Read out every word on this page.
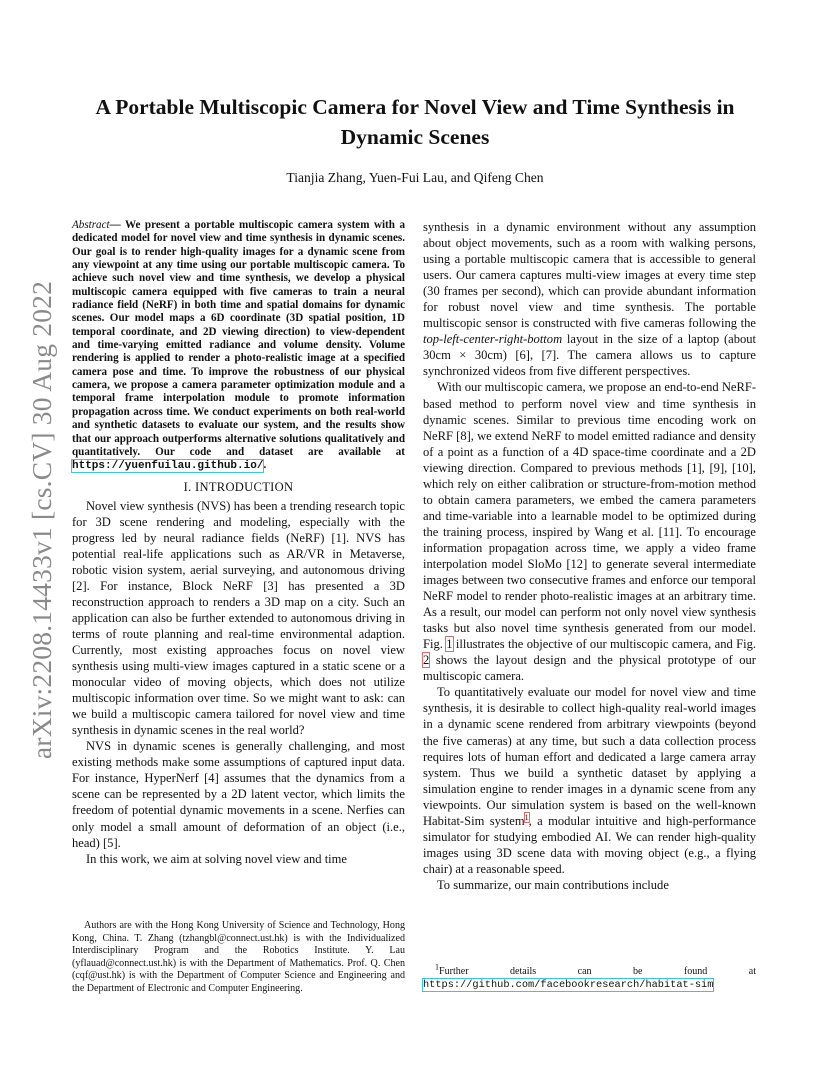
arXiv:2208.14433v1 [cs.CV] 30 Aug 2022
A Portable Multiscopic Camera for Novel View and Time Synthesis in Dynamic Scenes
Tianjia Zhang, Yuen-Fui Lau, and Qifeng Chen

Abstract— We present a portable multiscopic camera system with a dedicated model for novel view and time synthesis in dynamic scenes. Our goal is to render high-quality images for a dynamic scene from any viewpoint at any time using our portable multiscopic camera. To achieve such novel view and time synthesis, we develop a physical multiscopic camera equipped with five cameras to train a neural radiance field (NeRF) in both time and spatial domains for dynamic scenes. Our model maps a 6D coordinate (3D spatial position, 1D temporal coordinate, and 2D viewing direction) to view-dependent and time-varying emitted radiance and volume density. Volume rendering is applied to render a photo-realistic image at a specified camera pose and time. To improve the robustness of our physical camera, we propose a camera parameter optimization module and a temporal frame interpolation module to promote information propagation across time. We conduct experiments on both real-world and synthetic datasets to evaluate our system, and the results show that our approach outperforms alternative solutions qualitatively and quantitatively. Our code and dataset are available at https://yuenfuilau.github.io/.

I. INTRODUCTION

Novel view synthesis (NVS) has been a trending research topic for 3D scene rendering and modeling, especially with the progress led by neural radiance fields (NeRF) [1]. NVS has potential real-life applications such as AR/VR in Metaverse, robotic vision system, aerial surveying, and autonomous driving [2]. For instance, Block NeRF [3] has presented a 3D reconstruction approach to renders a 3D map on a city. Such an application can also be further extended to autonomous driving in terms of route planning and real-time environmental adaption. Currently, most existing approaches focus on novel view synthesis using multi-view images captured in a static scene or a monocular video of moving objects, which does not utilize multiscopic information over time. So we might want to ask: can we build a multiscopic camera tailored for novel view and time synthesis in dynamic scenes in the real world?

NVS in dynamic scenes is generally challenging, and most existing methods make some assumptions of captured input data. For instance, HyperNerf [4] assumes that the dynamics from a scene can be represented by a 2D latent vector, which limits the freedom of potential dynamic movements in a scene. Nerfies can only model a small amount of deformation of an object (i.e., head) [5].

In this work, we aim at solving novel view and time

Authors are with the Hong Kong University of Science and Technology, Hong Kong, China. T. Zhang (tzhangbl@connect.ust.hk) is with the Individualized Interdisciplinary Program and the Robotics Institute. Y. Lau (yflauad@connect.ust.hk) is with the Department of Mathematics. Prof. Q. Chen (cqf@ust.hk) is with the Department of Computer Science and Engineering and the Department of Electronic and Computer Engineering.

synthesis in a dynamic environment without any assumption about object movements, such as a room with walking persons, using a portable multiscopic camera that is accessible to general users. Our camera captures multi-view images at every time step (30 frames per second), which can provide abundant information for robust novel view and time synthesis. The portable multiscopic sensor is constructed with five cameras following the top-left-center-right-bottom layout in the size of a laptop (about 30cm × 30cm) [6], [7]. The camera allows us to capture synchronized videos from five different perspectives.

With our multiscopic camera, we propose an end-to-end NeRF-based method to perform novel view and time synthesis in dynamic scenes. Similar to previous time encoding work on NeRF [8], we extend NeRF to model emitted radiance and density of a point as a function of a 4D space-time coordinate and a 2D viewing direction. Compared to previous methods [1], [9], [10], which rely on either calibration or structure-from-motion method to obtain camera parameters, we embed the camera parameters and time-variable into a learnable model to be optimized during the training process, inspired by Wang et al. [11]. To encourage information propagation across time, we apply a video frame interpolation model SloMo [12] to generate several intermediate images between two consecutive frames and enforce our temporal NeRF model to render photo-realistic images at an arbitrary time. As a result, our model can perform not only novel view synthesis tasks but also novel time synthesis generated from our model. Fig. 1 illustrates the objective of our multiscopic camera, and Fig. 2 shows the layout design and the physical prototype of our multiscopic camera.

To quantitatively evaluate our model for novel view and time synthesis, it is desirable to collect high-quality real-world images in a dynamic scene rendered from arbitrary viewpoints (beyond the five cameras) at any time, but such a data collection process requires lots of human effort and dedicated a large camera array system. Thus we build a synthetic dataset by applying a simulation engine to render images in a dynamic scene from any viewpoints. Our simulation system is based on the well-known Habitat-Sim system$^1$, a modular intuitive and high-performance simulator for studying embodied AI. We can render high-quality images using 3D scene data with moving object (e.g., a flying chair) at a reasonable speed.

To summarize, our main contributions include

$^1$Further details can be found at https://github.com/facebookresearch/habitat-sim
